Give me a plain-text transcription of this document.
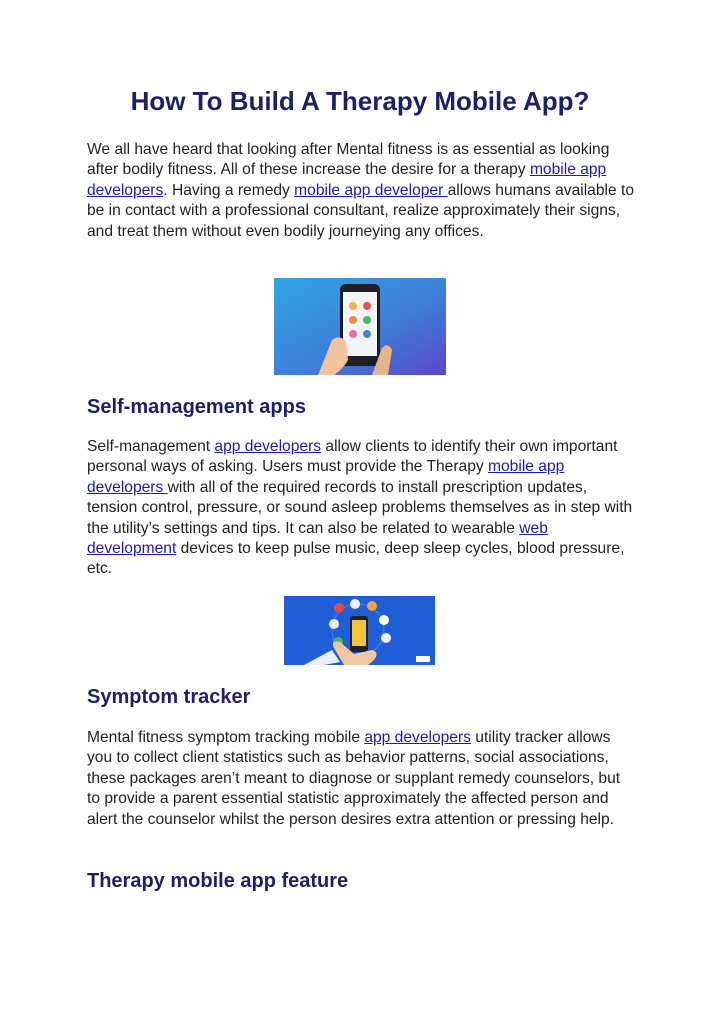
How To Build A Therapy Mobile App?

We all have heard that looking after Mental fitness is as essential as looking after bodily fitness. All of these increase the desire for a therapy mobile app developers. Having a remedy mobile app developer allows humans available to be in contact with a professional consultant, realize approximately their signs, and treat them without even bodily journeying any offices.

Self-management apps

Self-management app developers allow clients to identify their own important personal ways of asking. Users must provide the Therapy mobile app developers with all of the required records to install prescription updates, tension control, pressure, or sound asleep problems themselves as in step with the utility’s settings and tips. It can also be related to wearable web development devices to keep pulse music, deep sleep cycles, blood pressure, etc.

Symptom tracker

Mental fitness symptom tracking mobile app developers utility tracker allows you to collect client statistics such as behavior patterns, social associations, these packages aren’t meant to diagnose or supplant remedy counselors, but to provide a parent essential statistic approximately the affected person and alert the counselor whilst the person desires extra attention or pressing help.

Therapy mobile app feature
